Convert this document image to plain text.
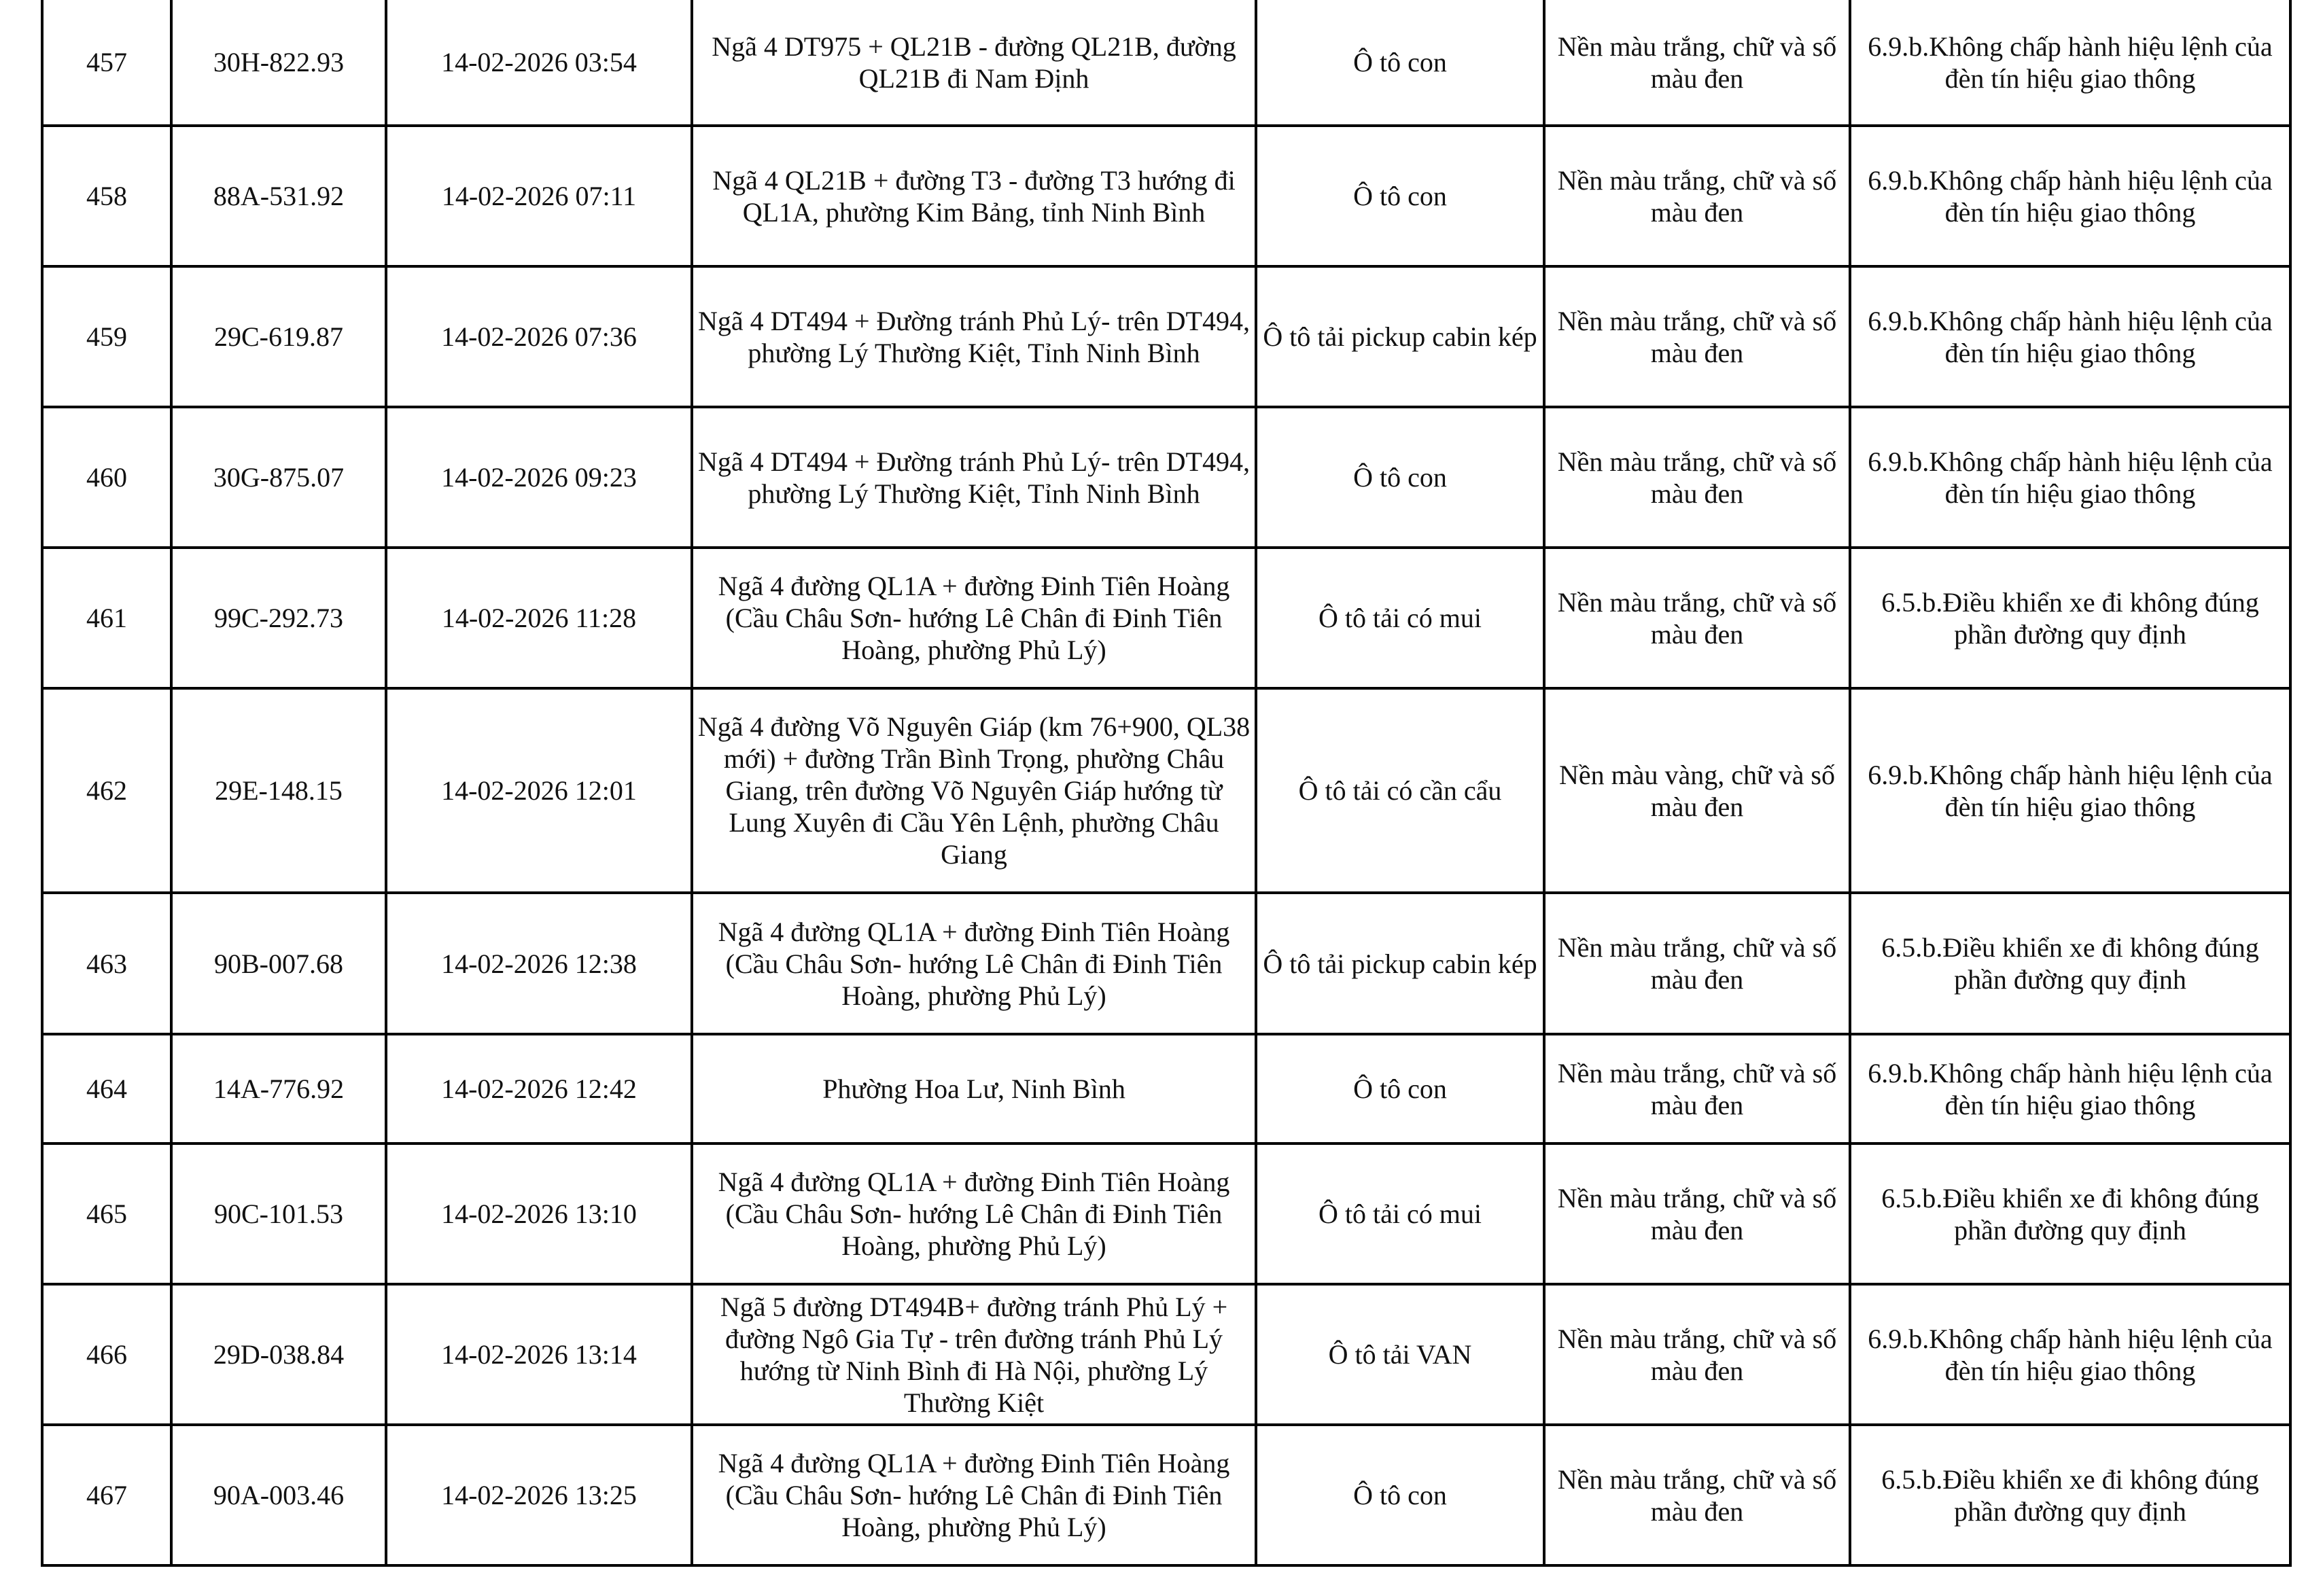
457	30H-822.93	14-02-2026 03:54	Ngã 4 DT975 + QL21B - đường QL21B, đường QL21B đi Nam Định	Ô tô con	Nền màu trắng, chữ và số màu đen	6.9.b.Không chấp hành hiệu lệnh của đèn tín hiệu giao thông
458	88A-531.92	14-02-2026 07:11	Ngã 4 QL21B + đường T3 - đường T3 hướng đi QL1A, phường Kim Bảng, tỉnh Ninh Bình	Ô tô con	Nền màu trắng, chữ và số màu đen	6.9.b.Không chấp hành hiệu lệnh của đèn tín hiệu giao thông
459	29C-619.87	14-02-2026 07:36	Ngã 4 DT494 + Đường tránh Phủ Lý- trên DT494, phường Lý Thường Kiệt, Tỉnh Ninh Bình	Ô tô tải pickup cabin kép	Nền màu trắng, chữ và số màu đen	6.9.b.Không chấp hành hiệu lệnh của đèn tín hiệu giao thông
460	30G-875.07	14-02-2026 09:23	Ngã 4 DT494 + Đường tránh Phủ Lý- trên DT494, phường Lý Thường Kiệt, Tỉnh Ninh Bình	Ô tô con	Nền màu trắng, chữ và số màu đen	6.9.b.Không chấp hành hiệu lệnh của đèn tín hiệu giao thông
461	99C-292.73	14-02-2026 11:28	Ngã 4 đường QL1A + đường Đinh Tiên Hoàng (Cầu Châu Sơn- hướng Lê Chân đi Đinh Tiên Hoàng, phường Phủ Lý)	Ô tô tải có mui	Nền màu trắng, chữ và số màu đen	6.5.b.Điều khiển xe đi không đúng phần đường quy định
462	29E-148.15	14-02-2026 12:01	Ngã 4 đường Võ Nguyên Giáp (km 76+900, QL38 mới) + đường Trần Bình Trọng, phường Châu Giang, trên đường Võ Nguyên Giáp hướng từ Lung Xuyên đi Cầu Yên Lệnh, phường Châu Giang	Ô tô tải có cần cẩu	Nền màu vàng, chữ và số màu đen	6.9.b.Không chấp hành hiệu lệnh của đèn tín hiệu giao thông
463	90B-007.68	14-02-2026 12:38	Ngã 4 đường QL1A + đường Đinh Tiên Hoàng (Cầu Châu Sơn- hướng Lê Chân đi Đinh Tiên Hoàng, phường Phủ Lý)	Ô tô tải pickup cabin kép	Nền màu trắng, chữ và số màu đen	6.5.b.Điều khiển xe đi không đúng phần đường quy định
464	14A-776.92	14-02-2026 12:42	Phường Hoa Lư, Ninh Bình	Ô tô con	Nền màu trắng, chữ và số màu đen	6.9.b.Không chấp hành hiệu lệnh của đèn tín hiệu giao thông
465	90C-101.53	14-02-2026 13:10	Ngã 4 đường QL1A + đường Đinh Tiên Hoàng (Cầu Châu Sơn- hướng Lê Chân đi Đinh Tiên Hoàng, phường Phủ Lý)	Ô tô tải có mui	Nền màu trắng, chữ và số màu đen	6.5.b.Điều khiển xe đi không đúng phần đường quy định
466	29D-038.84	14-02-2026 13:14	Ngã 5 đường DT494B+ đường tránh Phủ Lý + đường Ngô Gia Tự - trên đường tránh Phủ Lý hướng từ Ninh Bình đi Hà Nội, phường Lý Thường Kiệt	Ô tô tải VAN	Nền màu trắng, chữ và số màu đen	6.9.b.Không chấp hành hiệu lệnh của đèn tín hiệu giao thông
467	90A-003.46	14-02-2026 13:25	Ngã 4 đường QL1A + đường Đinh Tiên Hoàng (Cầu Châu Sơn- hướng Lê Chân đi Đinh Tiên Hoàng, phường Phủ Lý)	Ô tô con	Nền màu trắng, chữ và số màu đen	6.5.b.Điều khiển xe đi không đúng phần đường quy định
